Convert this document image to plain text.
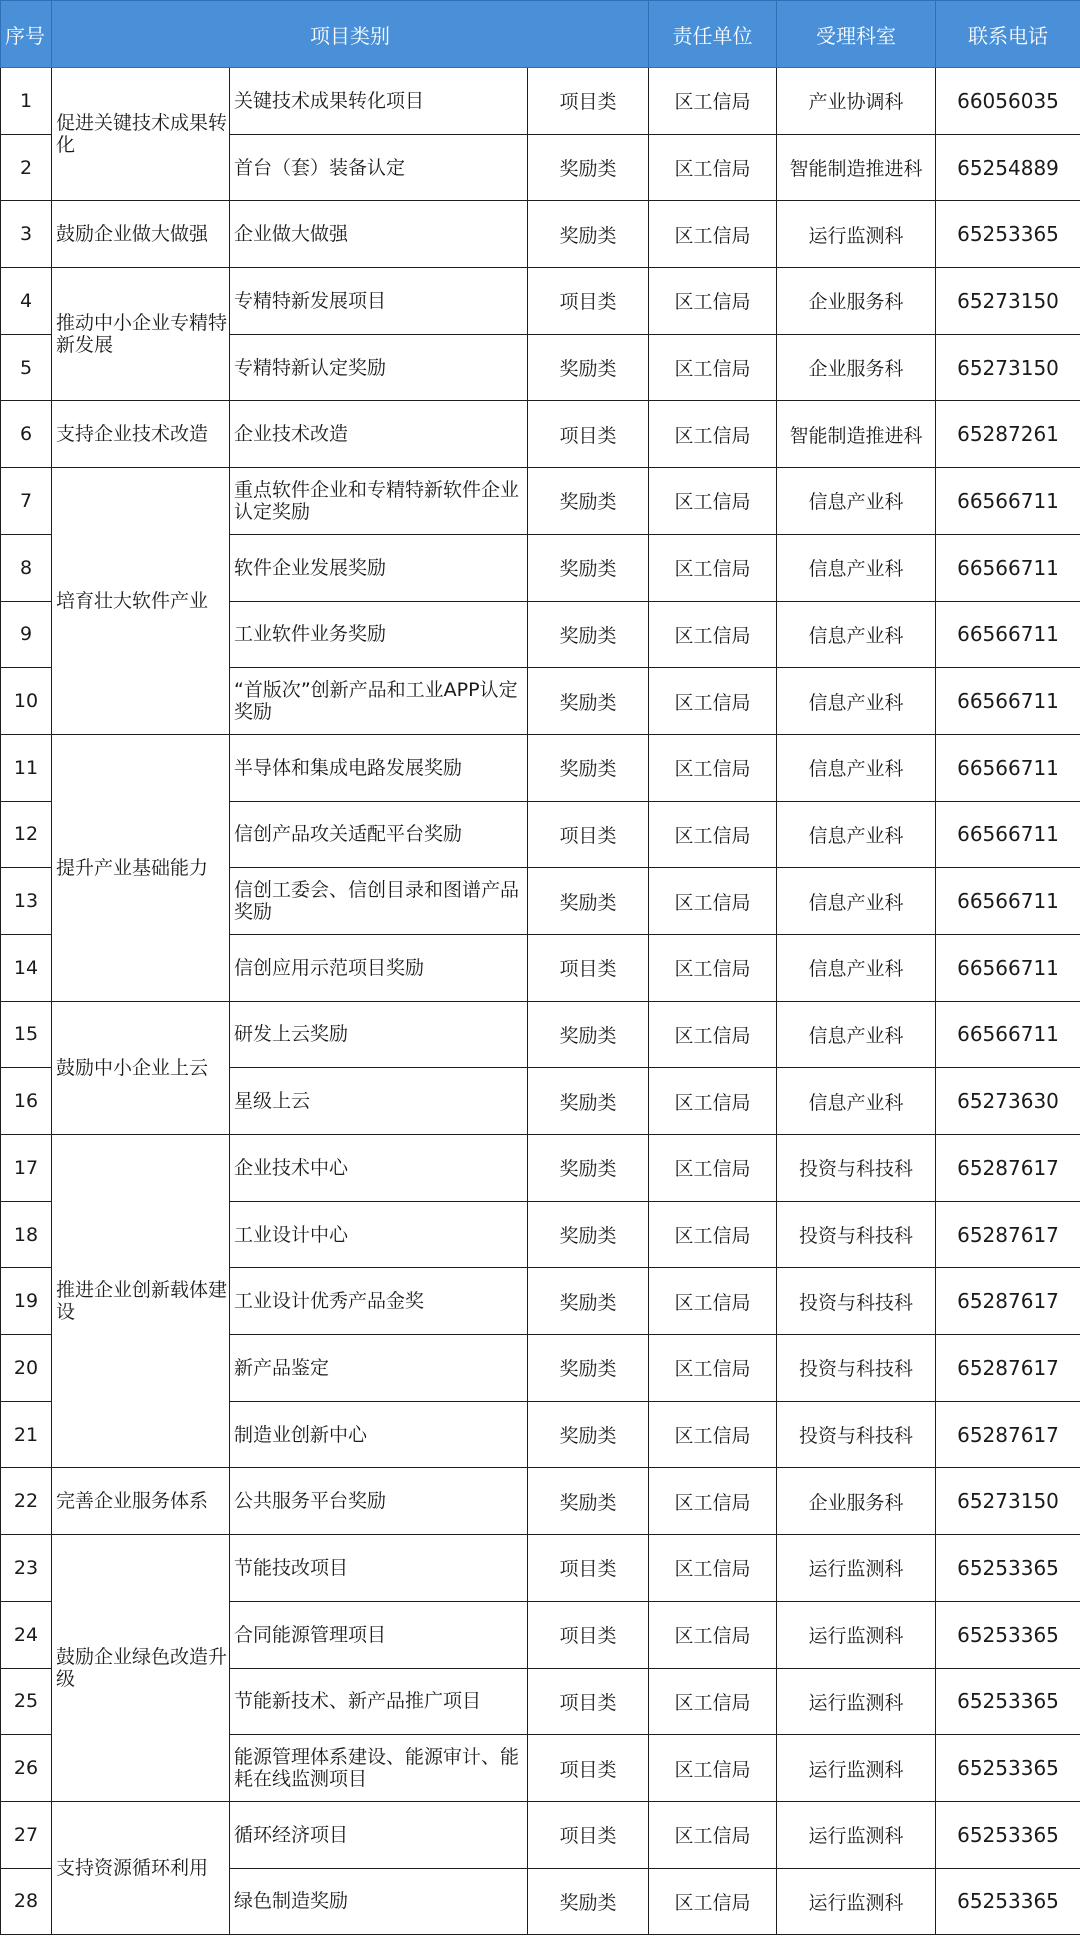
序号	项目类别			责任单位	受理科室	联系电话
1	促进关键技术成果转化	关键技术成果转化项目	项目类	区工信局	产业协调科	66056035
2		首台（套）装备认定	奖励类	区工信局	智能制造推进科	65254889
3	鼓励企业做大做强	企业做大做强	奖励类	区工信局	运行监测科	65253365
4	推动中小企业专精特新发展	专精特新发展项目	项目类	区工信局	企业服务科	65273150
5		专精特新认定奖励	奖励类	区工信局	企业服务科	65273150
6	支持企业技术改造	企业技术改造	项目类	区工信局	智能制造推进科	65287261
7	培育壮大软件产业	重点软件企业和专精特新软件企业认定奖励	奖励类	区工信局	信息产业科	66566711
8		软件企业发展奖励	奖励类	区工信局	信息产业科	66566711
9		工业软件业务奖励	奖励类	区工信局	信息产业科	66566711
10		“首版次”创新产品和工业APP认定奖励	奖励类	区工信局	信息产业科	66566711
11	提升产业基础能力	半导体和集成电路发展奖励	奖励类	区工信局	信息产业科	66566711
12		信创产品攻关适配平台奖励	项目类	区工信局	信息产业科	66566711
13		信创工委会、信创目录和图谱产品奖励	奖励类	区工信局	信息产业科	66566711
14		信创应用示范项目奖励	项目类	区工信局	信息产业科	66566711
15	鼓励中小企业上云	研发上云奖励	奖励类	区工信局	信息产业科	66566711
16		星级上云	奖励类	区工信局	信息产业科	65273630
17	推进企业创新载体建设	企业技术中心	奖励类	区工信局	投资与科技科	65287617
18		工业设计中心	奖励类	区工信局	投资与科技科	65287617
19		工业设计优秀产品金奖	奖励类	区工信局	投资与科技科	65287617
20		新产品鉴定	奖励类	区工信局	投资与科技科	65287617
21		制造业创新中心	奖励类	区工信局	投资与科技科	65287617
22	完善企业服务体系	公共服务平台奖励	奖励类	区工信局	企业服务科	65273150
23	鼓励企业绿色改造升级	节能技改项目	项目类	区工信局	运行监测科	65253365
24		合同能源管理项目	项目类	区工信局	运行监测科	65253365
25		节能新技术、新产品推广项目	项目类	区工信局	运行监测科	65253365
26		能源管理体系建设、能源审计、能耗在线监测项目	项目类	区工信局	运行监测科	65253365
27	支持资源循环利用	循环经济项目	项目类	区工信局	运行监测科	65253365
28		绿色制造奖励	奖励类	区工信局	运行监测科	65253365
